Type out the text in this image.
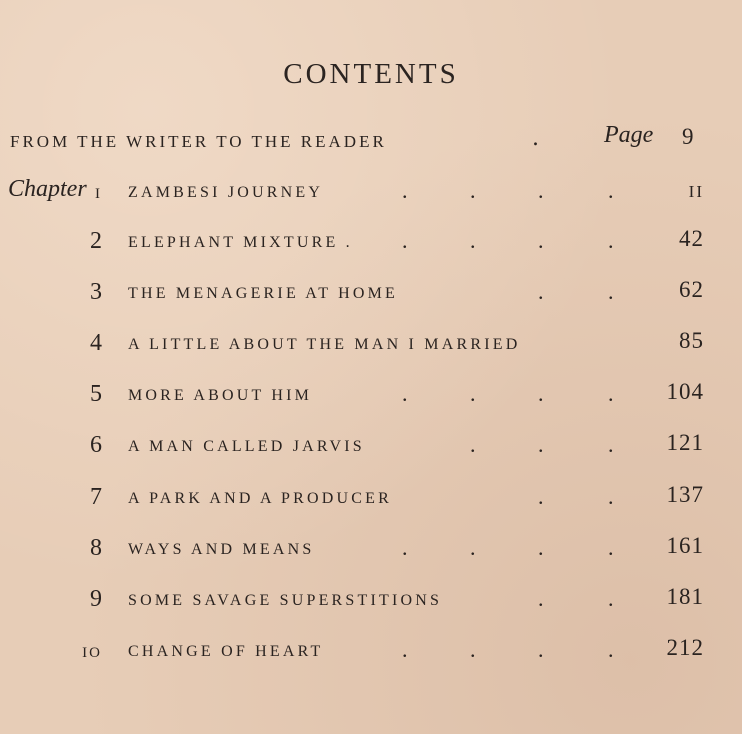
CONTENTS
FROM THE WRITER TO THE READER	.	Page 9
Chapter I ZAMBESI JOURNEY	.	.	.	.	II
2 ELEPHANT MIXTURE . .	.	.	.	42
3 THE MENAGERIE AT HOME	.	.	62
4 A LITTLE ABOUT THE MAN I MARRIED	85
5 MORE ABOUT HIM	.	.	.	. 104
6 A MAN CALLED JARVIS	.	.	. 121
7 A PARK AND A PRODUCER	.	. 137
8 WAYS AND MEANS	.	.	.	. 161
9 SOME SAVAGE SUPERSTITIONS	.	. 181
IO CHANGE OF HEART	.	.	.	. 212
